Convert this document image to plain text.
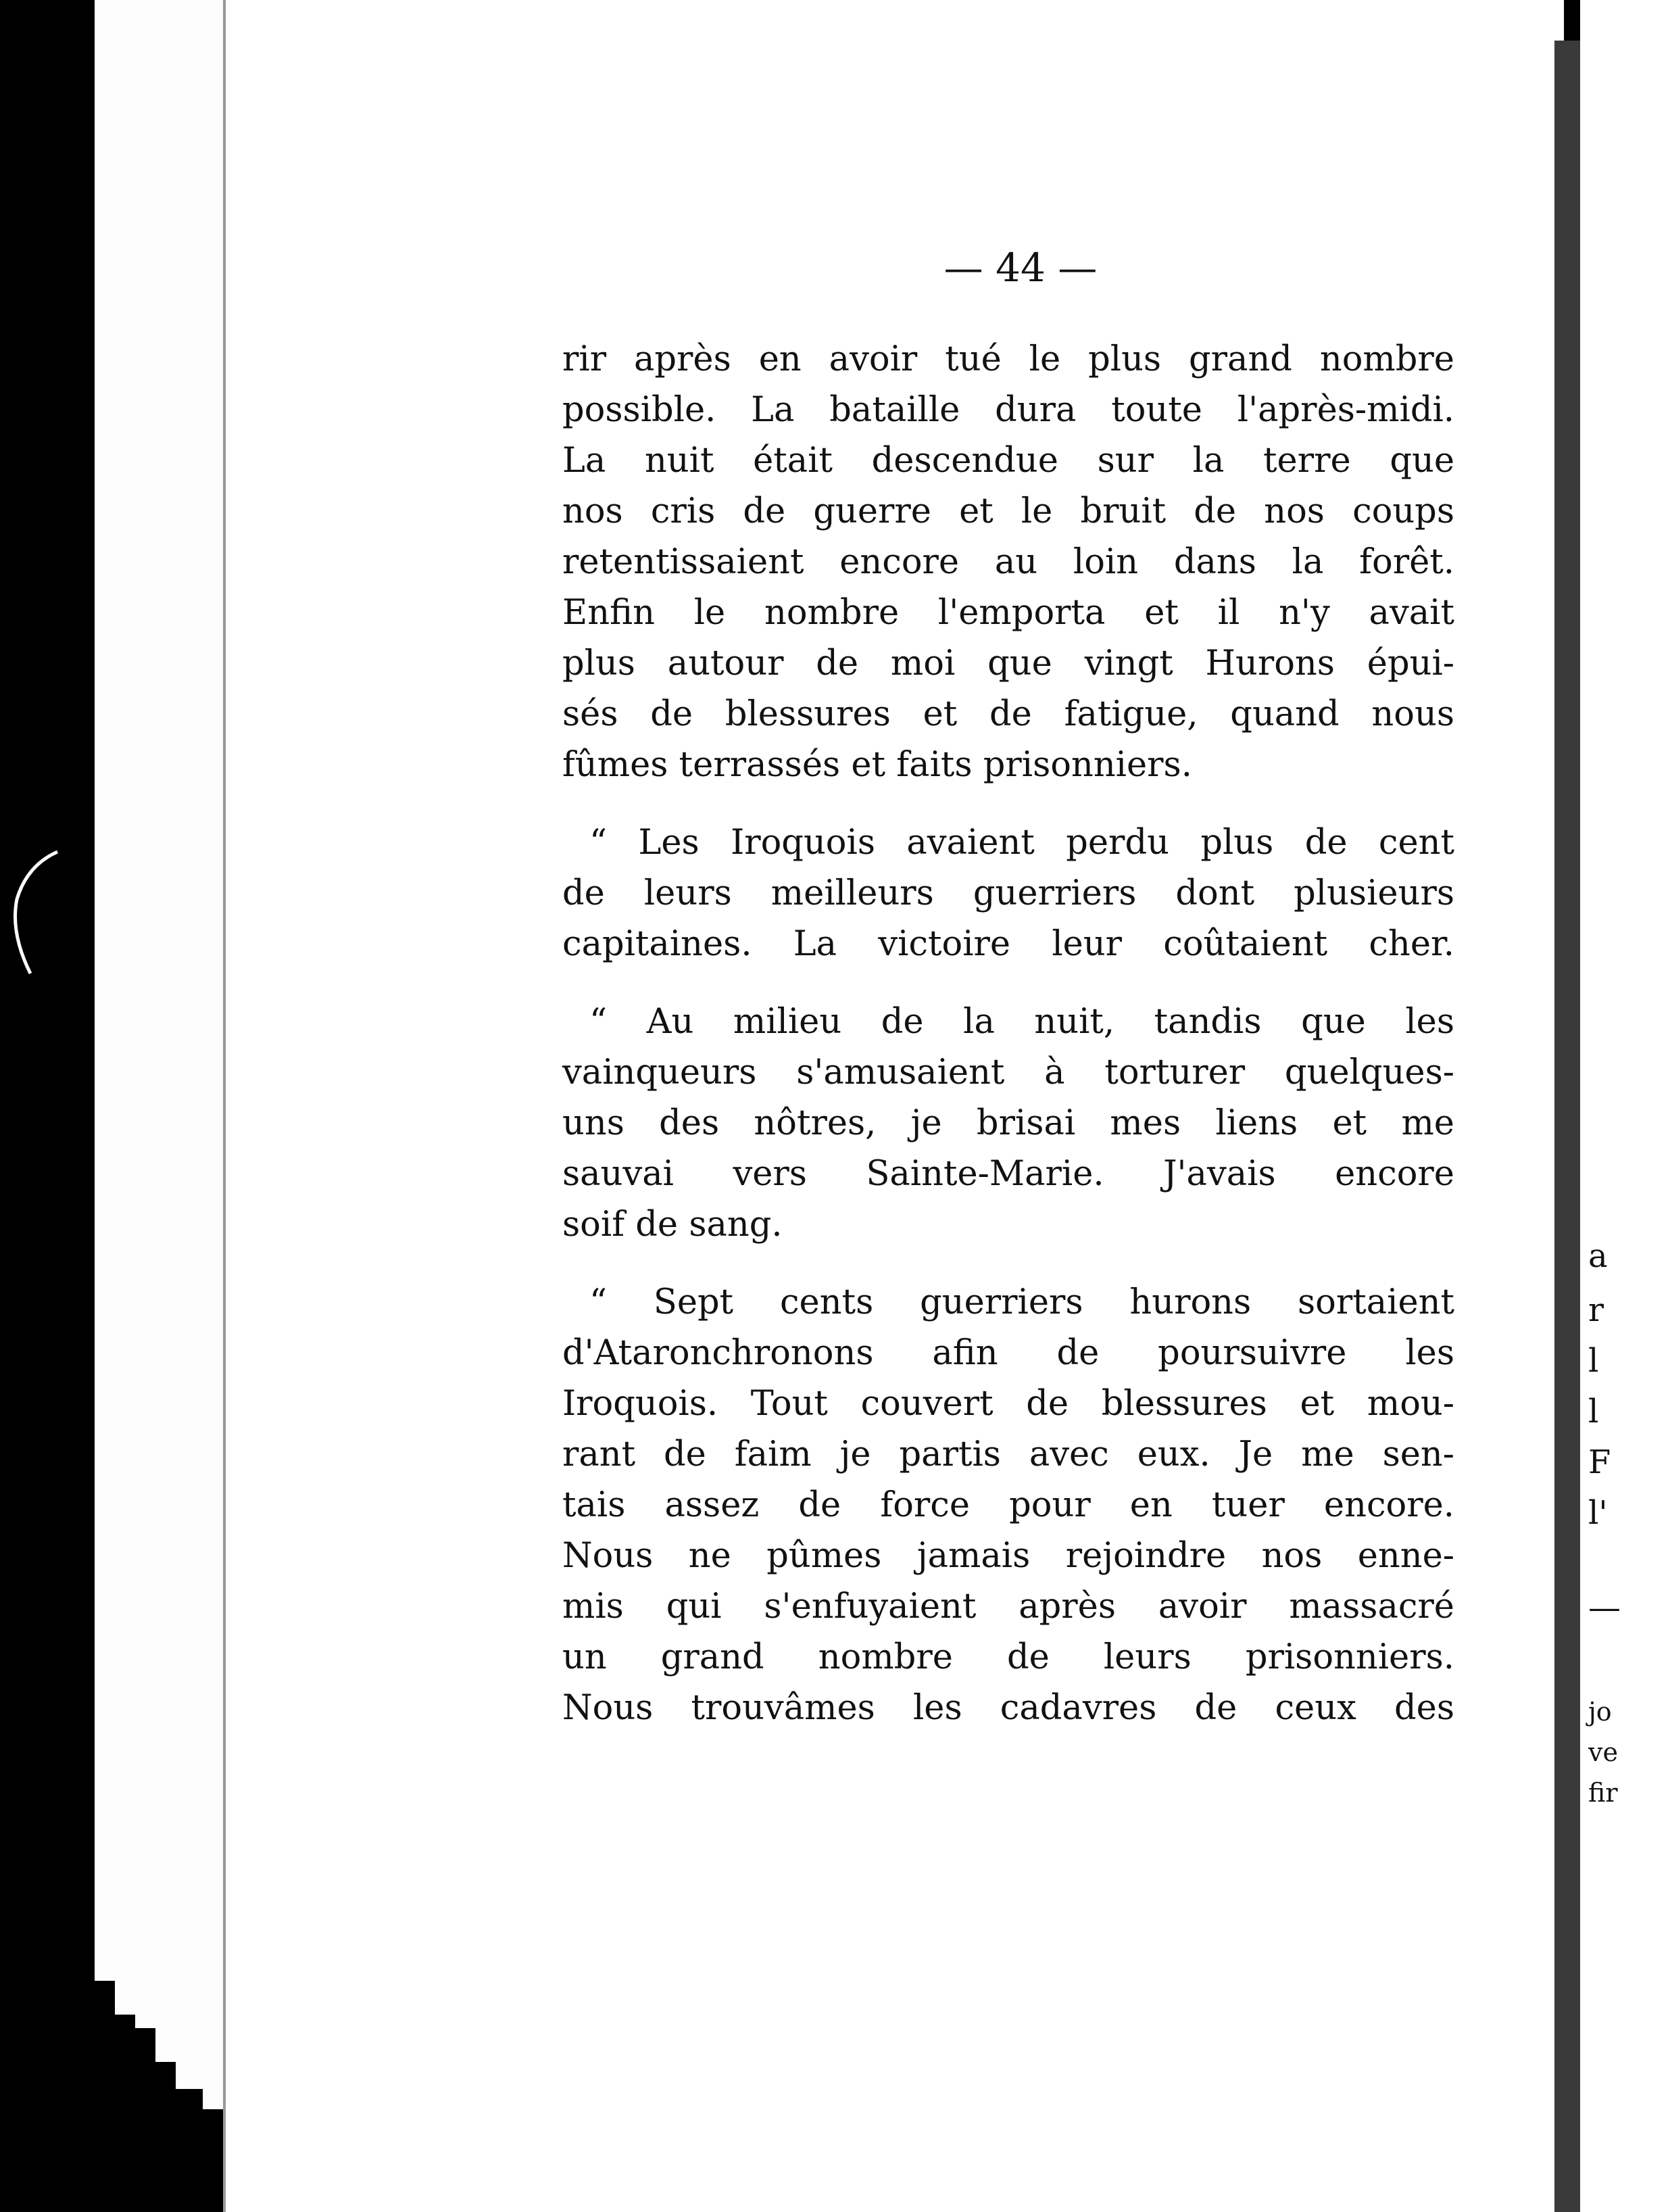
— 44 —
rir après en avoir tué le plus grand nombre
possible. La bataille dura toute l'après-midi.
La nuit était descendue sur la terre que
nos cris de guerre et le bruit de nos coups
retentissaient encore au loin dans la forêt.
Enfin le nombre l'emporta et il n'y avait
plus autour de moi que vingt Hurons épui-
sés de blessures et de fatigue, quand nous
fûmes terrassés et faits prisonniers.
“ Les Iroquois avaient perdu plus de cent
de leurs meilleurs guerriers dont plusieurs
capitaines. La victoire leur coûtaient cher.
“ Au milieu de la nuit, tandis que les
vainqueurs s'amusaient à torturer quelques-
uns des nôtres, je brisai mes liens et me
sauvai vers Sainte-Marie. J'avais encore
soif de sang.
“ Sept cents guerriers hurons sortaient
d'Ataronchronons afin de poursuivre les
Iroquois. Tout couvert de blessures et mou-
rant de faim je partis avec eux. Je me sen-
tais assez de force pour en tuer encore.
Nous ne pûmes jamais rejoindre nos enne-
mis qui s'enfuyaient après avoir massacré
un grand nombre de leurs prisonniers.
Nous trouvâmes les cadavres de ceux des
a
r
l
l
F
l'
—
jo
ve
fir
